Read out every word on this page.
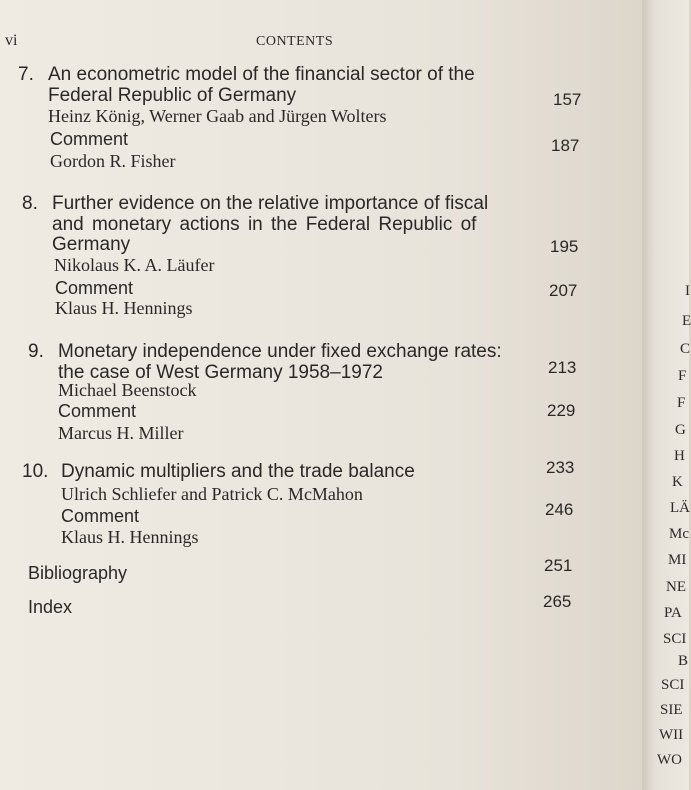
vi	CONTENTS
7. An econometric model of the financial sector of the
Federal Republic of Germany	157
Heinz König, Werner Gaab and Jürgen Wolters
Comment	187
Gordon R. Fisher
8. Further evidence on the relative importance of fiscal
and monetary actions in the Federal Republic of
Germany	195
Nikolaus K. A. Läufer
Comment	207
Klaus H. Hennings
9. Monetary independence under fixed exchange rates:
the case of West Germany 1958–1972	213
Michael Beenstock
Comment	229
Marcus H. Miller
10. Dynamic multipliers and the trade balance	233
Ulrich Schliefer and Patrick C. McMahon
Comment	246
Klaus H. Hennings
Bibliography	251
Index	265
I
E
C
F
F
G
H
K
LÄ
Mc
MI
NE
PA
SCI
B
SCI
SIE
WII
WO
